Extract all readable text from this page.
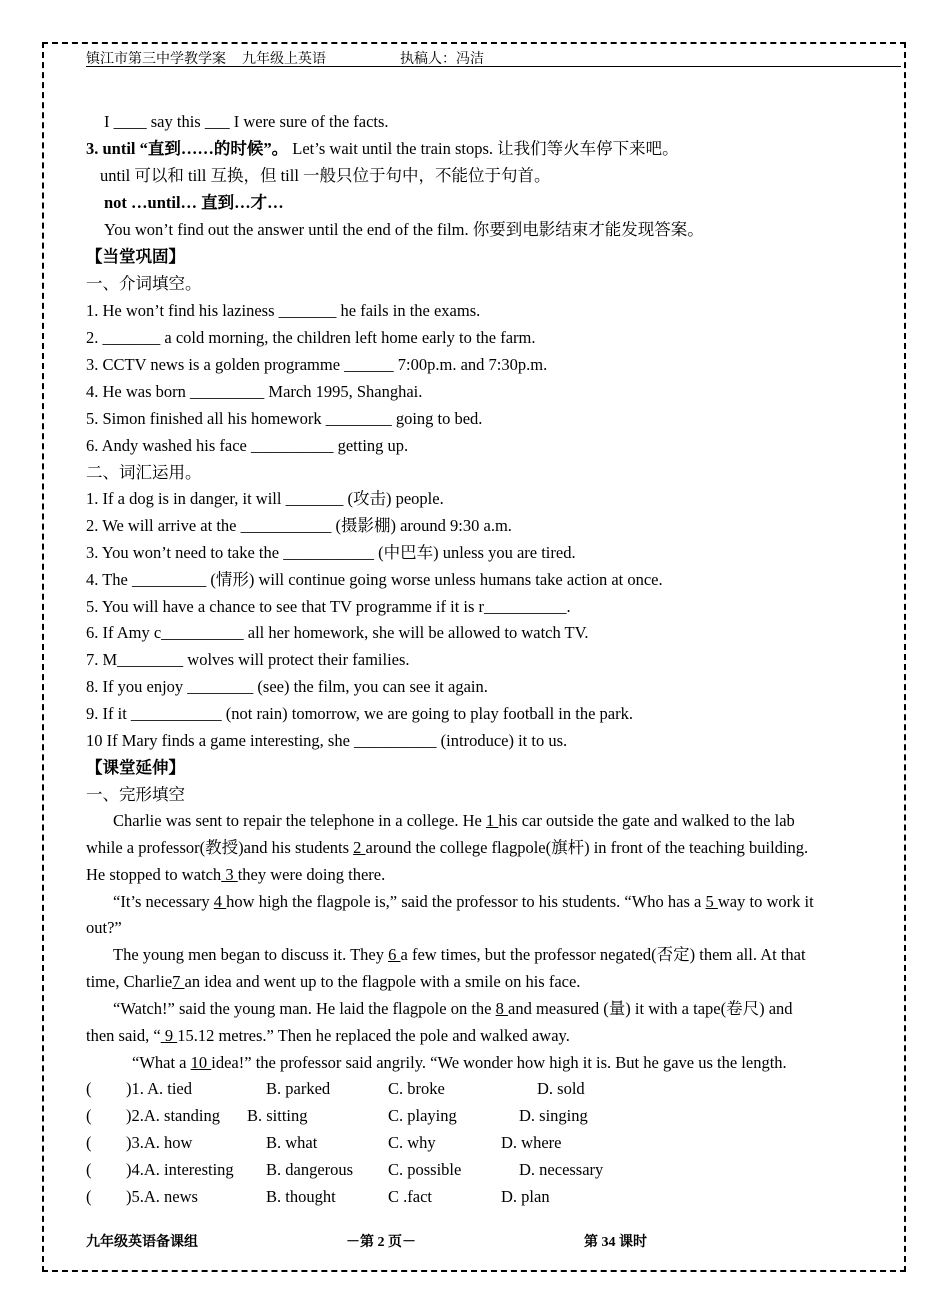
镇江市第三中学教学案 九年级上英语	执稿人：冯洁
I ____ say this ___ I were sure of the facts.
3. until “直到……的时候”。 Let’s wait until the train stops. 让我们等火车停下来吧。
until 可以和 till 互换，但 till 一般只位于句中，不能位于句首。
not …until… 直到…才…
You won’t find out the answer until the end of the film. 你要到电影结束才能发现答案。
【当堂巩固】
一、介词填空。
1. He won’t find his laziness _______ he fails in the exams.
2. _______ a cold morning, the children left home early to the farm.
3. CCTV news is a golden programme ______ 7:00p.m. and 7:30p.m.
4. He was born _________ March 1995, Shanghai.
5. Simon finished all his homework ________ going to bed.
6. Andy washed his face __________ getting up.
二、词汇运用。
1. If a dog is in danger, it will _______ (攻击) people.
2. We will arrive at the ___________ (摄影棚) around 9:30 a.m.
3. You won’t need to take the ___________ (中巴车) unless you are tired.
4. The _________ (情形) will continue going worse unless humans take action at once.
5. You will have a chance to see that TV programme if it is r__________.
6. If Amy c__________ all her homework, she will be allowed to watch TV.
7. M________ wolves will protect their families.
8. If you enjoy ________ (see) the film, you can see it again.
9. If it ___________ (not rain) tomorrow, we are going to play football in the park.
10 If Mary finds a game interesting, she __________ (introduce) it to us.
【课堂延伸】
一、完形填空
Charlie was sent to repair the telephone in a college. He 1 his car outside the gate and walked to the lab
while a professor(教授)and his students 2 around the college flagpole(旗杆) in front of the teaching building.
He stopped to watch 3 they were doing there.
“It’s necessary 4 how high the flagpole is,” said the professor to his students. “Who has a 5 way to work it
out?”
The young men began to discuss it. They 6 a few times, but the professor negated(否定) them all. At that
time, Charlie7 an idea and went up to the flagpole with a smile on his face.
“Watch!” said the young man. He laid the flagpole on the 8 and measured (量) it with a tape(卷尺) and
then said, “ 9 15.12 metres.” Then he replaced the pole and walked away.
“What a 10 idea!” the professor said angrily. “We wonder how high it is. But he gave us the length.
( )1. A. tied	B. parked	C. broke	D. sold
( )2.A. standing B. sitting	C. playing	D. singing
( )3.A. how	B. what	C. why	D. where
( )4.A. interesting B. dangerous C. possible	D. necessary
( )5.A. news	B. thought	C .fact	D. plan
九年级英语备课组	－第 2 页－	第 34 课时
